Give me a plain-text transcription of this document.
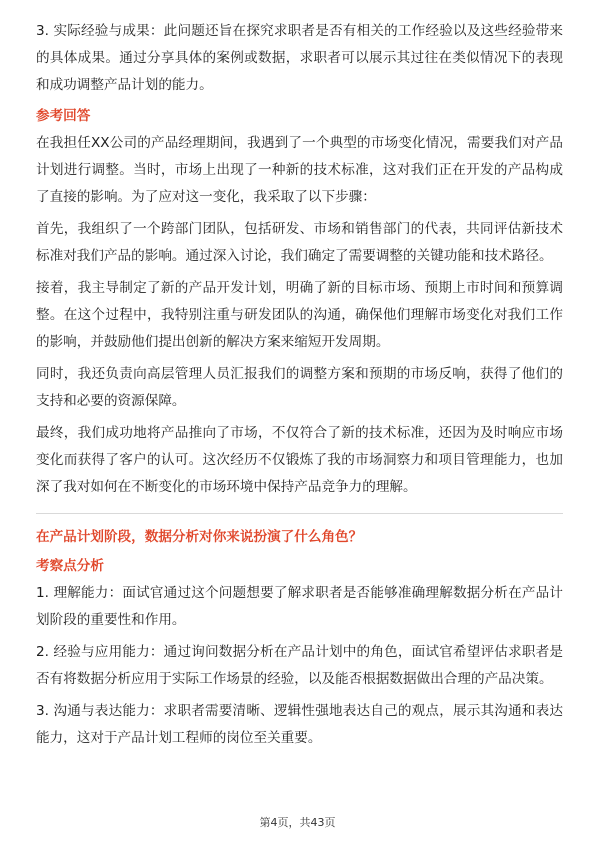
3. 实际经验与成果：此问题还旨在探究求职者是否有相关的工作经验以及这些经验带来的具体成果。通过分享具体的案例或数据，求职者可以展示其过往在类似情况下的表现和成功调整产品计划的能力。

参考回答

在我担任XX公司的产品经理期间，我遇到了一个典型的市场变化情况，需要我们对产品计划进行调整。当时，市场上出现了一种新的技术标准，这对我们正在开发的产品构成了直接的影响。为了应对这一变化，我采取了以下步骤：

首先，我组织了一个跨部门团队，包括研发、市场和销售部门的代表，共同评估新技术标准对我们产品的影响。通过深入讨论，我们确定了需要调整的关键功能和技术路径。

接着，我主导制定了新的产品开发计划，明确了新的目标市场、预期上市时间和预算调整。在这个过程中，我特别注重与研发团队的沟通，确保他们理解市场变化对我们工作的影响，并鼓励他们提出创新的解决方案来缩短开发周期。

同时，我还负责向高层管理人员汇报我们的调整方案和预期的市场反响，获得了他们的支持和必要的资源保障。

最终，我们成功地将产品推向了市场，不仅符合了新的技术标准，还因为及时响应市场变化而获得了客户的认可。这次经历不仅锻炼了我的市场洞察力和项目管理能力，也加深了我对如何在不断变化的市场环境中保持产品竞争力的理解。

在产品计划阶段，数据分析对你来说扮演了什么角色？
考察点分析

1. 理解能力：面试官通过这个问题想要了解求职者是否能够准确理解数据分析在产品计划阶段的重要性和作用。

2. 经验与应用能力：通过询问数据分析在产品计划中的角色，面试官希望评估求职者是否有将数据分析应用于实际工作场景的经验，以及能否根据数据做出合理的产品决策。

3. 沟通与表达能力：求职者需要清晰、逻辑性强地表达自己的观点，展示其沟通和表达能力，这对于产品计划工程师的岗位至关重要。

第4页，共43页
